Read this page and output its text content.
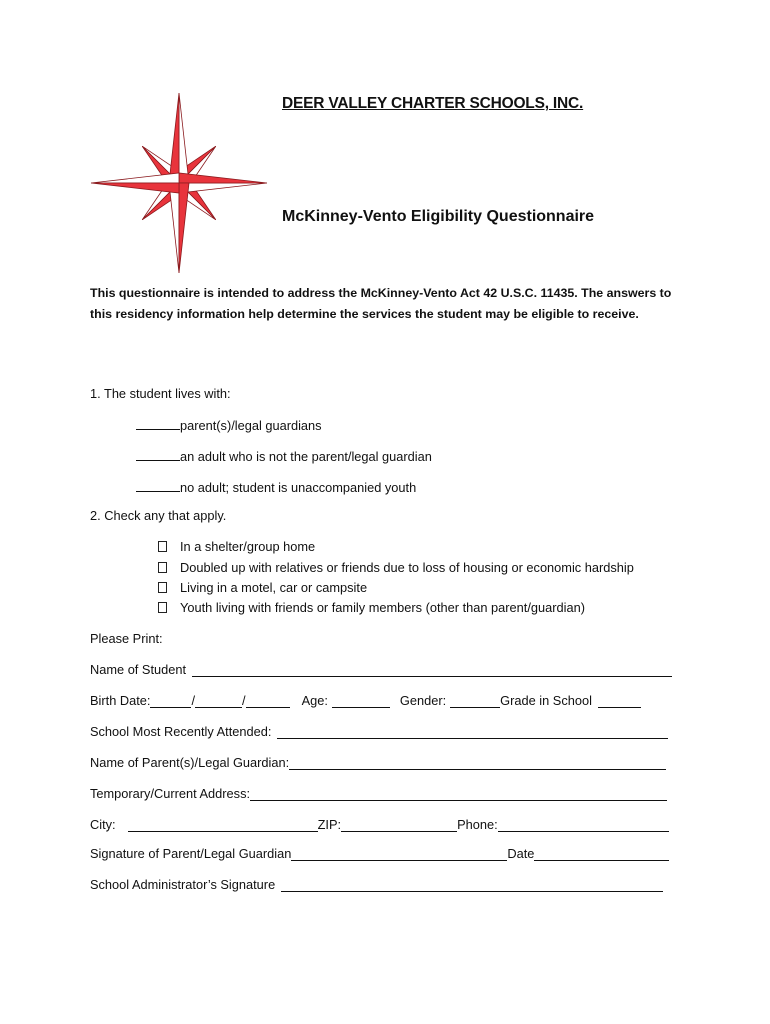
DEER VALLEY CHARTER SCHOOLS, INC.
McKinney-Vento Eligibility Questionnaire
This questionnaire is intended to address the McKinney-Vento Act 42 U.S.C. 11435. The answers to this residency information help determine the services the student may be eligible to receive.
1. The student lives with:
parent(s)/legal guardians
an adult who is not the parent/legal guardian
no adult; student is unaccompanied youth
2. Check any that apply.
In a shelter/group home
Doubled up with relatives or friends due to loss of housing or economic hardship
Living in a motel, car or campsite
Youth living with friends or family members (other than parent/guardian)
Please Print:
Name of Student
Birth Date:	/	/	Age:	Gender:	Grade in School
School Most Recently Attended:
Name of Parent(s)/Legal Guardian:
Temporary/Current Address:
City:	ZIP:	Phone:
Signature of Parent/Legal Guardian	Date
School Administrator’s Signature
